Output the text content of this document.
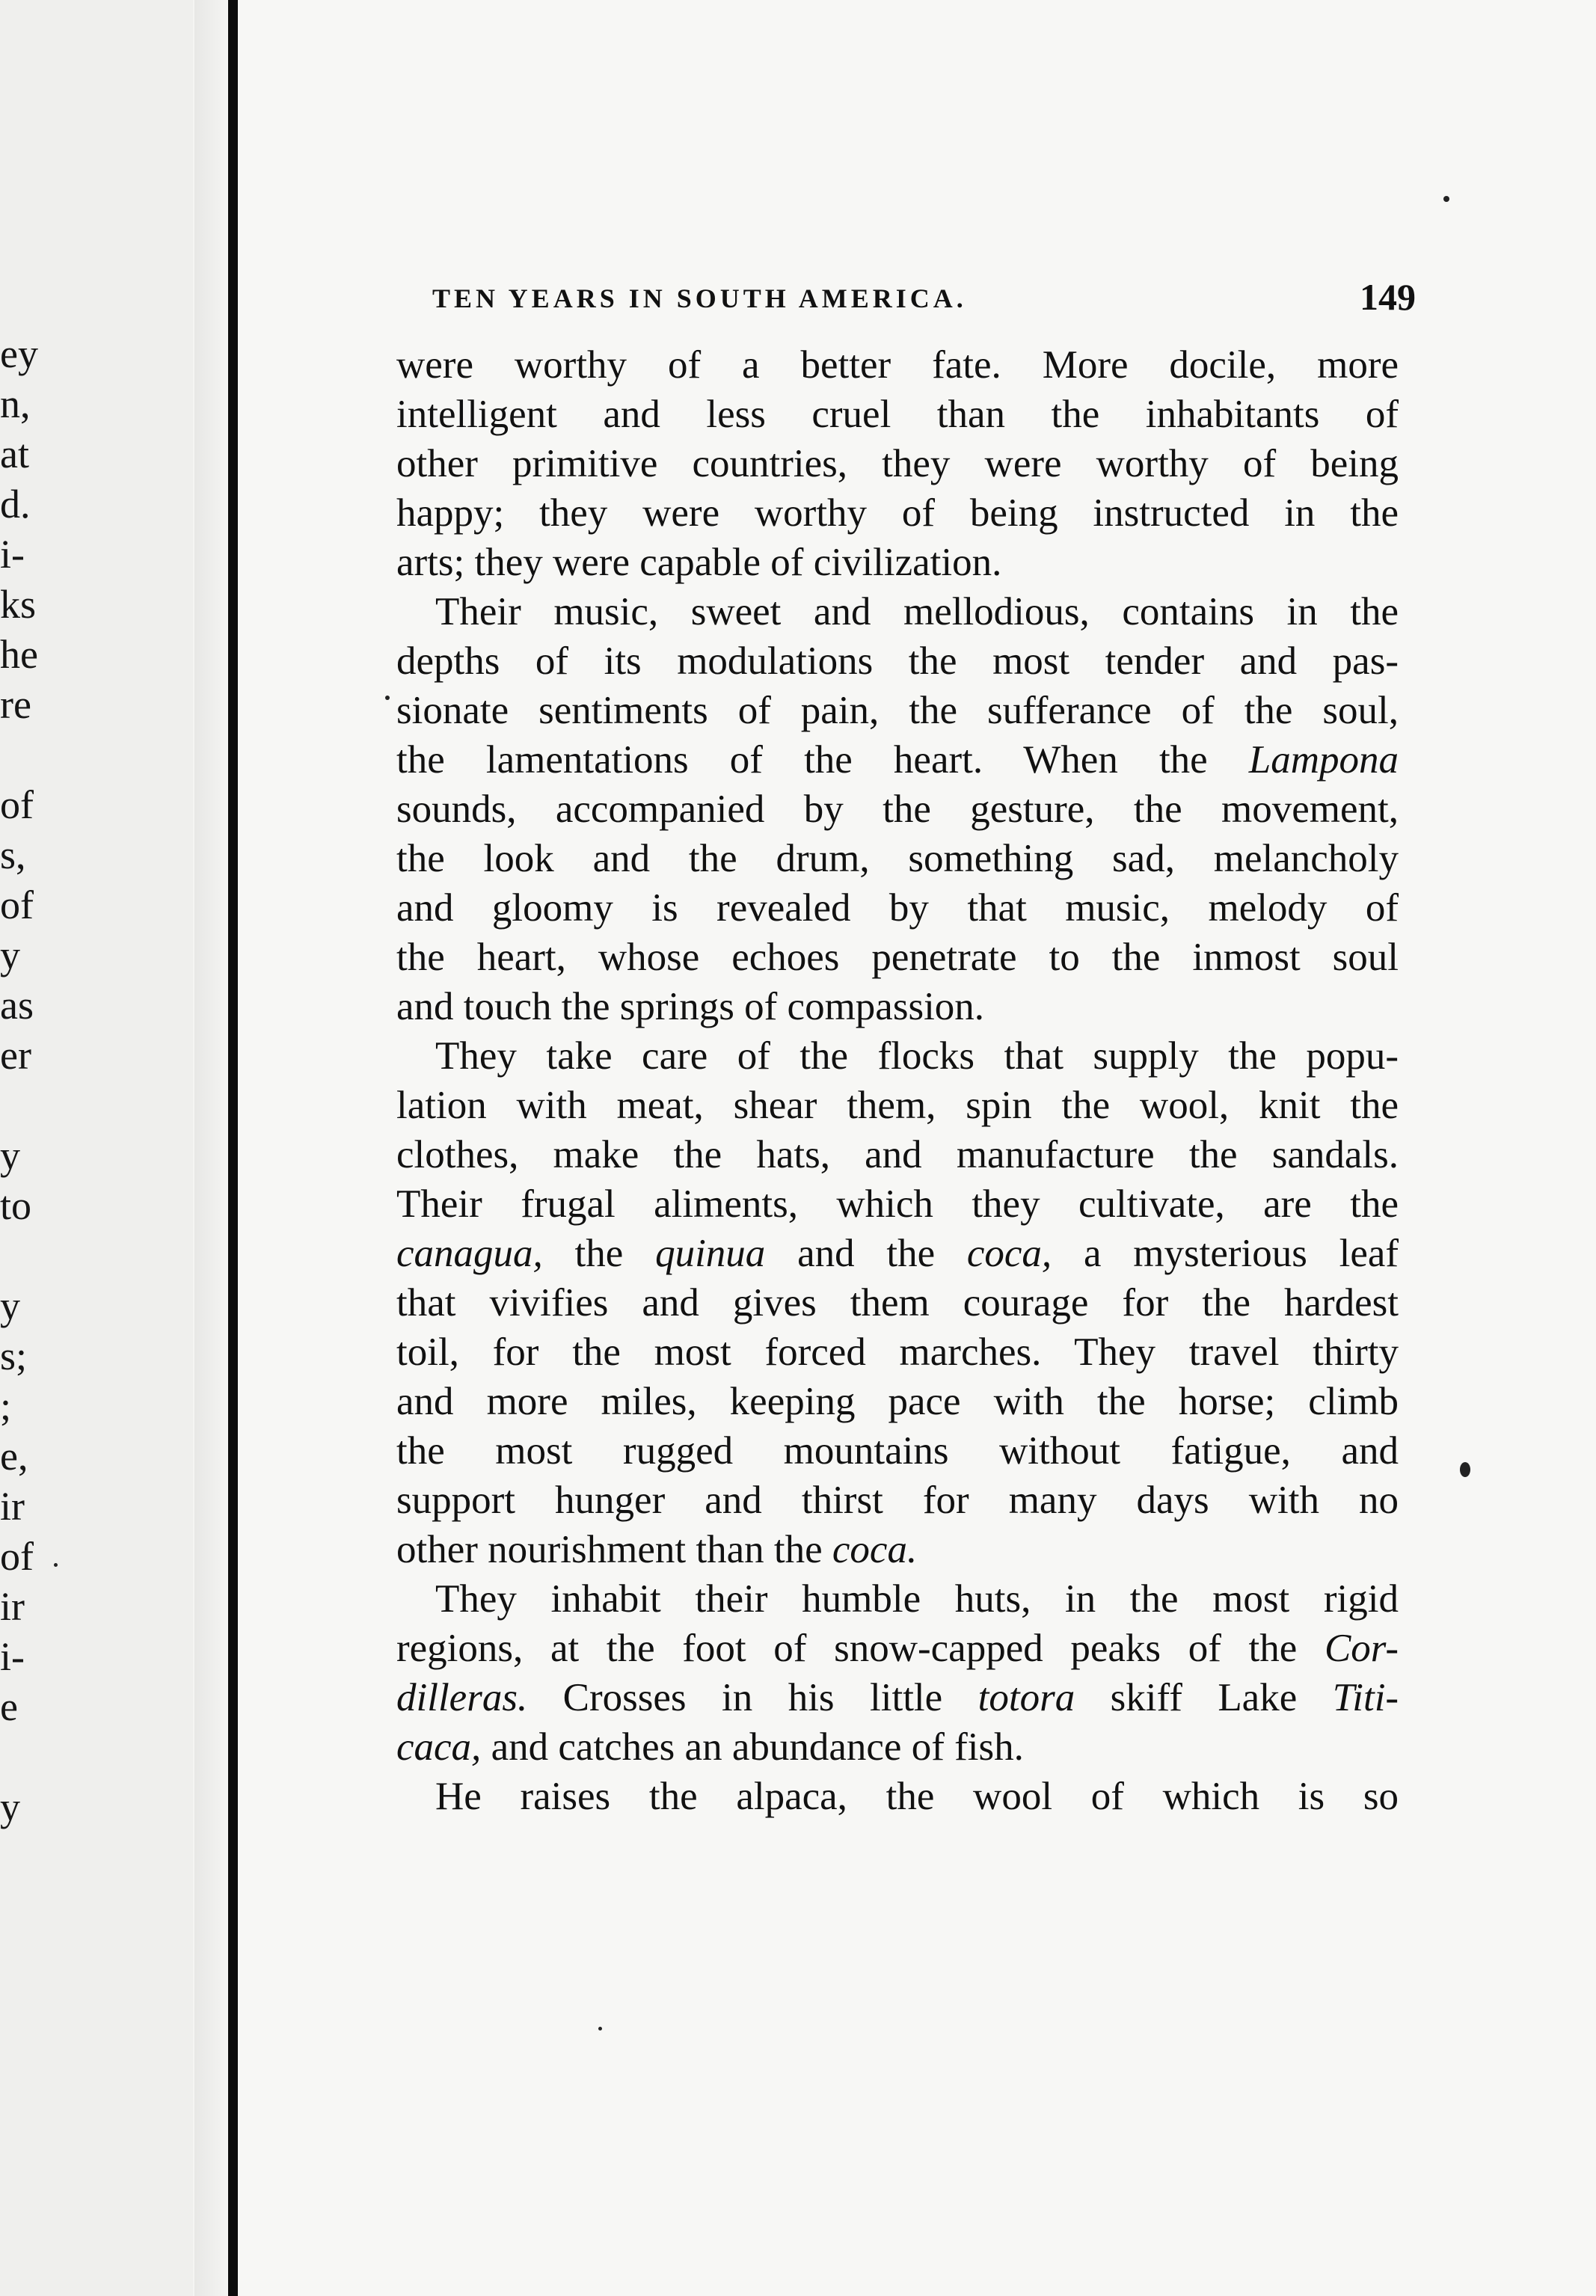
ey
n,
at
d.
i-
ks
he
re
of
s,
of
y
as
er
y
to
y
s;
;
e,
ir
of
ir
i-
e
y
TEN YEARS IN SOUTH AMERICA.	149
were worthy of a better fate. More docile, more
intelligent and less cruel than the inhabitants of
other primitive countries, they were worthy of being
happy; they were worthy of being instructed in the
arts; they were capable of civilization.
Their music, sweet and mellodious, contains in the
depths of its modulations the most tender and pas-
sionate sentiments of pain, the sufferance of the soul,
the lamentations of the heart. When the Lampona
sounds, accompanied by the gesture, the movement,
the look and the drum, something sad, melancholy
and gloomy is revealed by that music, melody of
the heart, whose echoes penetrate to the inmost soul
and touch the springs of compassion.
They take care of the flocks that supply the popu-
lation with meat, shear them, spin the wool, knit the
clothes, make the hats, and manufacture the sandals.
Their frugal aliments, which they cultivate, are the
canagua, the quinua and the coca, a mysterious leaf
that vivifies and gives them courage for the hardest
toil, for the most forced marches. They travel thirty
and more miles, keeping pace with the horse; climb
the most rugged mountains without fatigue, and
support hunger and thirst for many days with no
other nourishment than the coca.
They inhabit their humble huts, in the most rigid
regions, at the foot of snow-capped peaks of the Cor-
dilleras. Crosses in his little totora skiff Lake Titi-
caca, and catches an abundance of fish.
He raises the alpaca, the wool of which is so
